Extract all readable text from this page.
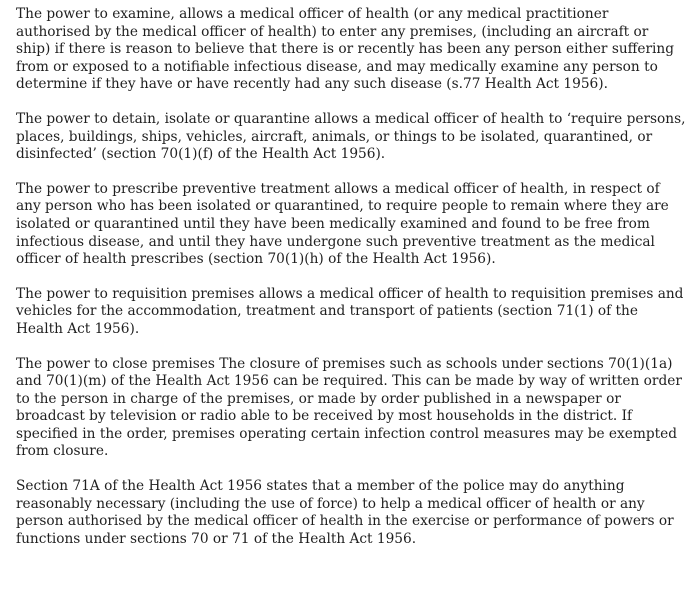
The power to examine, allows a medical officer of health (or any medical practitioner authorised by the medical officer of health) to enter any premises, (including an aircraft or ship) if there is reason to believe that there is or recently has been any person either suffering from or exposed to a notifiable infectious disease, and may medically examine any person to determine if they have or have recently had any such disease (s.77 Health Act 1956).

The power to detain, isolate or quarantine allows a medical officer of health to ‘require persons, places, buildings, ships, vehicles, aircraft, animals, or things to be isolated, quarantined, or disinfected’ (section 70(1)(f) of the Health Act 1956).

The power to prescribe preventive treatment allows a medical officer of health, in respect of any person who has been isolated or quarantined, to require people to remain where they are isolated or quarantined until they have been medically examined and found to be free from infectious disease, and until they have undergone such preventive treatment as the medical officer of health prescribes (section 70(1)(h) of the Health Act 1956).

The power to requisition premises allows a medical officer of health to requisition premises and vehicles for the accommodation, treatment and transport of patients (section 71(1) of the Health Act 1956).

The power to close premises The closure of premises such as schools under sections 70(1)(1a) and 70(1)(m) of the Health Act 1956 can be required. This can be made by way of written order to the person in charge of the premises, or made by order published in a newspaper or broadcast by television or radio able to be received by most households in the district. If specified in the order, premises operating certain infection control measures may be exempted from closure.

Section 71A of the Health Act 1956 states that a member of the police may do anything reasonably necessary (including the use of force) to help a medical officer of health or any person authorised by the medical officer of health in the exercise or performance of powers or functions under sections 70 or 71 of the Health Act 1956.
